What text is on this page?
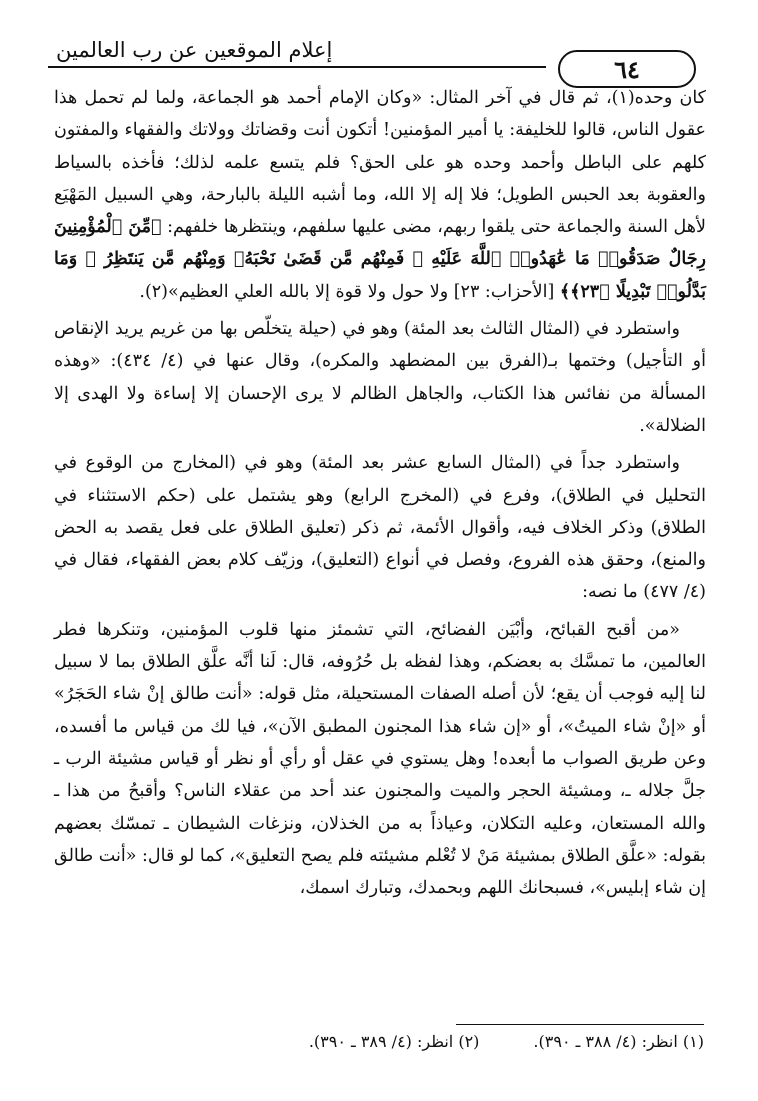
إعلام الموقعين عن رب العالمين
٦٤

كان وحده(١)، ثم قال في آخر المثال: «وكان الإمام أحمد هو الجماعة، ولما لم تحمل هذا عقول الناس، قالوا للخليفة: يا أمير المؤمنين! أتكون أنت وقضاتك وولاتك والفقهاء والمفتون كلهم على الباطل وأحمد وحده هو على الحق؟ فلم يتسع علمه لذلك؛ فأخذه بالسياط والعقوبة بعد الحبس الطويل؛ فلا إله إلا الله، وما أشبه الليلة بالبارحة، وهي السبيل المَهْيَع لأهل السنة والجماعة حتى يلقوا ربهم، مضى عليها سلفهم، وينتظرها خلفهم: ﴿مِّنَ ٱلْمُؤْمِنِينَ رِجَالٌ صَدَقُوا۟ مَا عَٰهَدُوا۟ ٱللَّهَ عَلَيْهِ ۖ فَمِنْهُم مَّن قَضَىٰ نَحْبَهُۥ وَمِنْهُم مَّن يَنتَظِرُ ۖ وَمَا بَدَّلُوا۟ تَبْدِيلًا ﴿٢٣﴾﴾ [الأحزاب: ٢٣] ولا حول ولا قوة إلا بالله العلي العظيم»(٢).

واستطرد في (المثال الثالث بعد المئة) وهو في (حيلة يتخلّص بها من غريم يريد الإنقاص أو التأجيل) وختمها بـ(الفرق بين المضطهد والمكره)، وقال عنها في (٤/ ٤٣٤): «وهذه المسألة من نفائس هذا الكتاب، والجاهل الظالم لا يرى الإحسان إلا إساءة ولا الهدى إلا الضلالة».

واستطرد جداً في (المثال السابع عشر بعد المئة) وهو في (المخارج من الوقوع في التحليل في الطلاق)، وفرع في (المخرج الرابع) وهو يشتمل على (حكم الاستثناء في الطلاق) وذكر الخلاف فيه، وأقوال الأئمة، ثم ذكر (تعليق الطلاق على فعل يقصد به الحض والمنع)، وحقق هذه الفروع، وفصل في أنواع (التعليق)، وزيّف كلام بعض الفقهاء، فقال في (٤/ ٤٧٧) ما نصه:

«من أقبح القبائح، وأبْيَن الفضائح، التي تشمئز منها قلوب المؤمنين، وتنكرها فطر العالمين، ما تمسَّك به بعضكم، وهذا لفظه بل حُرُوفه، قال: لَنا أنَّه علَّق الطلاق بما لا سبيل لنا إليه فوجب أن يقع؛ لأن أصله الصفات المستحيلة، مثل قوله: «أنت طالق إنْ شاء الحَجَرُ» أو «إنْ شاء الميتُ»، أو «إن شاء هذا المجنون المطبق الآن»، فيا لك من قياس ما أفسده، وعن طريق الصواب ما أبعده! وهل يستوي في عقل أو رأي أو نظر أو قياس مشيئة الرب ـ جلَّ جلاله ـ، ومشيئة الحجر والميت والمجنون عند أحد من عقلاء الناس؟ وأقبحُ من هذا ـ والله المستعان، وعليه التكلان، وعياذاً به من الخذلان، ونزغات الشيطان ـ تمسّك بعضهم بقوله: «علَّق الطلاق بمشيئة مَنْ لا تُعْلم مشيئته فلم يصح التعليق»، كما لو قال: «أنت طالق إن شاء إبليس»، فسبحانك اللهم وبحمدك، وتبارك اسمك،

(١) انظر: (٤/ ٣٨٨ ـ ٣٩٠).
(٢) انظر: (٤/ ٣٨٩ ـ ٣٩٠).
